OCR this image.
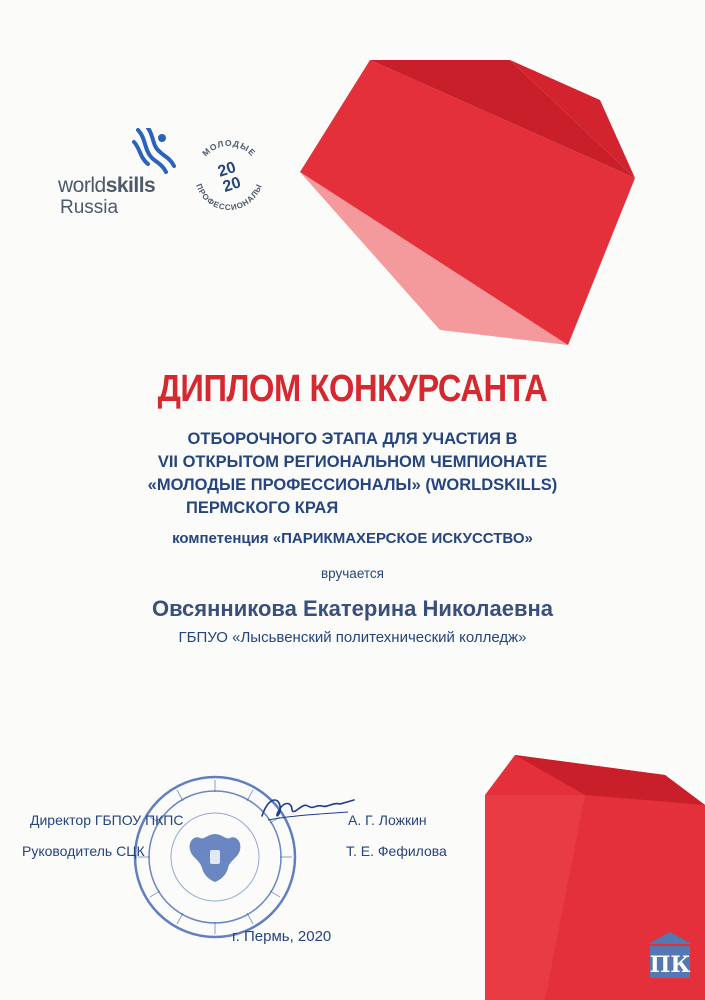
worldskills
Russia
МОЛОДЫЕ
ПРОФЕССИОНАЛЫ
20
20
ДИПЛОМ КОНКУРСАНТА
ОТБОРОЧНОГО ЭТАПА ДЛЯ УЧАСТИЯ В
VII ОТКРЫТОМ РЕГИОНАЛЬНОМ ЧЕМПИОНАТЕ
«МОЛОДЫЕ ПРОФЕССИОНАЛЫ» (WORLDSKILLS)
ПЕРМСКОГО КРАЯ
компетенция «ПАРИКМАХЕРСКОЕ ИСКУССТВО»
вручается
Овсянникова Екатерина Николаевна
ГБПУО «Лысьвенский политехнический колледж»
Директор ГБПОУ ПКПС	А. Г. Ложкин
Руководитель СЦК	Т. Е. Фефилова
г. Пермь, 2020
ПК
